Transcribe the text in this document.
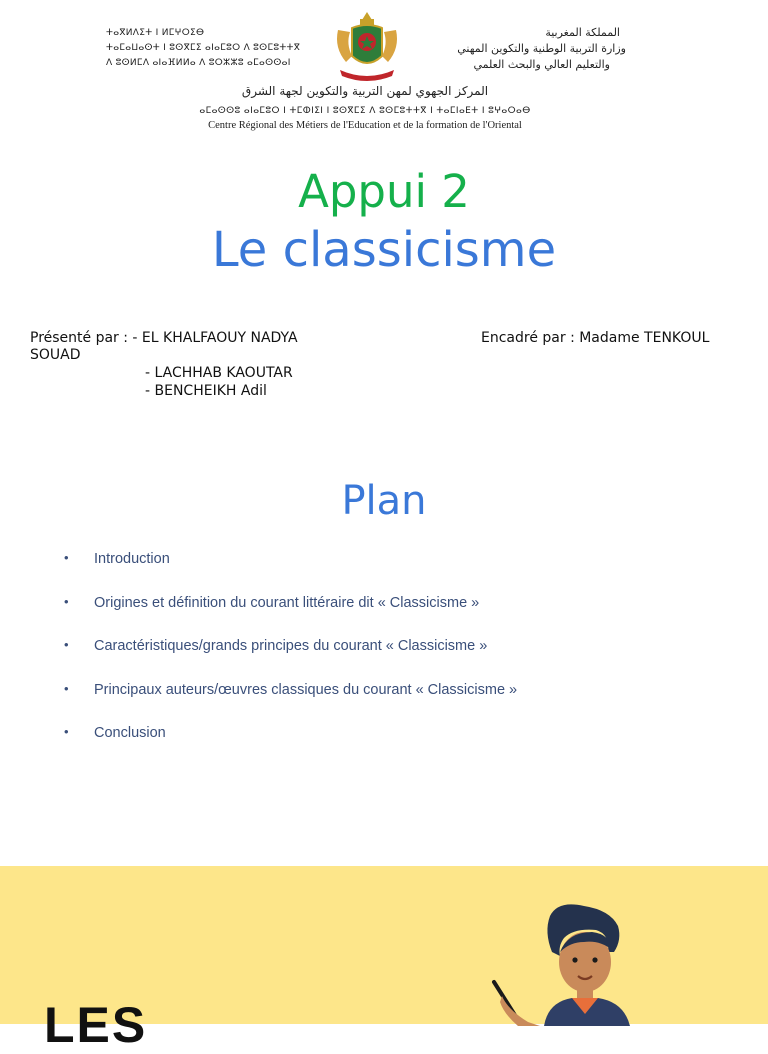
ⵜⴰⴳⵍⴷⵉⵜ ⵏ ⵍⵎⵖⵔⵉⴱ
ⵜⴰⵎⴰⵡⴰⵙⵜ ⵏ ⵓⵙⴳⵎⵉ ⴰⵏⴰⵎⵓⵔ ⴷ ⵓⵙⵎⵓⵜⵜⴳ
ⴷ ⵓⵙⵍⵎⴷ ⴰⵏⴰⴼⵍⵍⴰ ⴷ ⵓⵔⵣⵣⵓ ⴰⵎⴰⵙⵙⴰⵏ
المملكة المغربية
وزارة التربية الوطنية والتكوين المهني
والتعليم العالي والبحث العلمي
المركز الجهوي لمهن التربية والتكوين لجهة الشرق
ⴰⵎⴰⵙⵙⵓ ⴰⵏⴰⵎⵓⵔ ⵏ ⵜⵎⵀⵏⵉⵏ ⵏ ⵓⵙⴳⵎⵉ ⴷ ⵓⵙⵎⵓⵜⵜⴳ ⵏ ⵜⴰⵎⵏⴰⴹⵜ ⵏ ⵓⵖⴰⵔⴰⴱ
Centre Régional des Métiers de l'Education et de la formation de l'Oriental
Appui 2
Le classicisme
Présenté par : - EL KHALFAOUY NADYA
SOUAD
- LACHHAB KAOUTAR
- BENCHEIKH Adil
Encadré par : Madame TENKOUL
Plan
• Introduction
• Origines et définition du courant littéraire dit « Classicisme »
• Caractéristiques/grands principes du courant « Classicisme »
• Principaux auteurs/œuvres classiques du courant « Classicisme »
• Conclusion
LES
